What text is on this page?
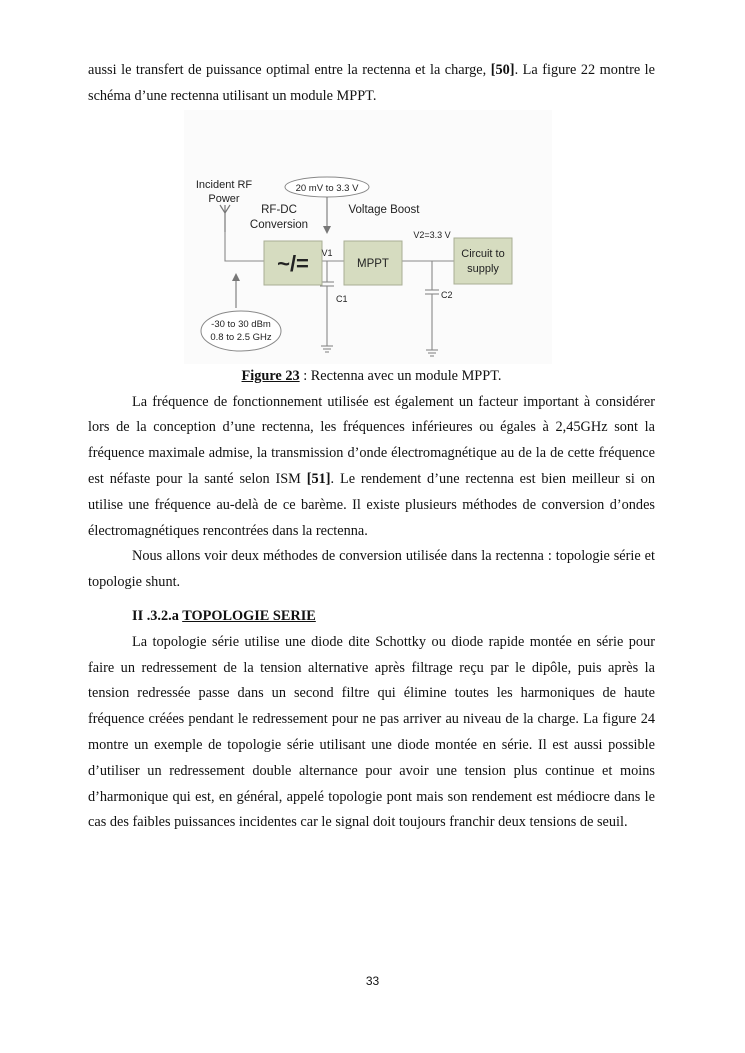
aussi le transfert de puissance optimal entre la rectenna et la charge, [50]. La figure 22 montre le schéma d’une rectenna utilisant un module MPPT.

Incident RF
Power
20 mV to 3.3 V
RF-DC
Conversion
Voltage Boost
~/= V1
C1
MPPT
V2=3.3 V
C2
Circuit to
supply
-30 to 30 dBm
0.8 to 2.5 GHz

Figure 23 : Rectenna avec un module MPPT.

La fréquence de fonctionnement utilisée est également un facteur important à considérer lors de la conception d’une rectenna, les fréquences inférieures ou égales à 2,45GHz sont la fréquence maximale admise, la transmission d’onde électromagnétique au de la de cette fréquence est néfaste pour la santé selon ISM [51]. Le rendement d’une rectenna est bien meilleur si on utilise une fréquence au-delà de ce barème. Il existe plusieurs méthodes de conversion d’ondes électromagnétiques rencontrées dans la rectenna.

Nous allons voir deux méthodes de conversion utilisée dans la rectenna : topologie série et topologie shunt.

II .3.2.a TOPOLOGIE SERIE

La topologie série utilise une diode dite Schottky ou diode rapide montée en série pour faire un redressement de la tension alternative après filtrage reçu par le dipôle, puis après la tension redressée passe dans un second filtre qui élimine toutes les harmoniques de haute fréquence créées pendant le redressement pour ne pas arriver au niveau de la charge. La figure 24 montre un exemple de topologie série utilisant une diode montée en série. Il est aussi possible d’utiliser un redressement double alternance pour avoir une tension plus continue et moins d’harmonique qui est, en général, appelé topologie pont mais son rendement est médiocre dans le cas des faibles puissances incidentes car le signal doit toujours franchir deux tensions de seuil.

33
